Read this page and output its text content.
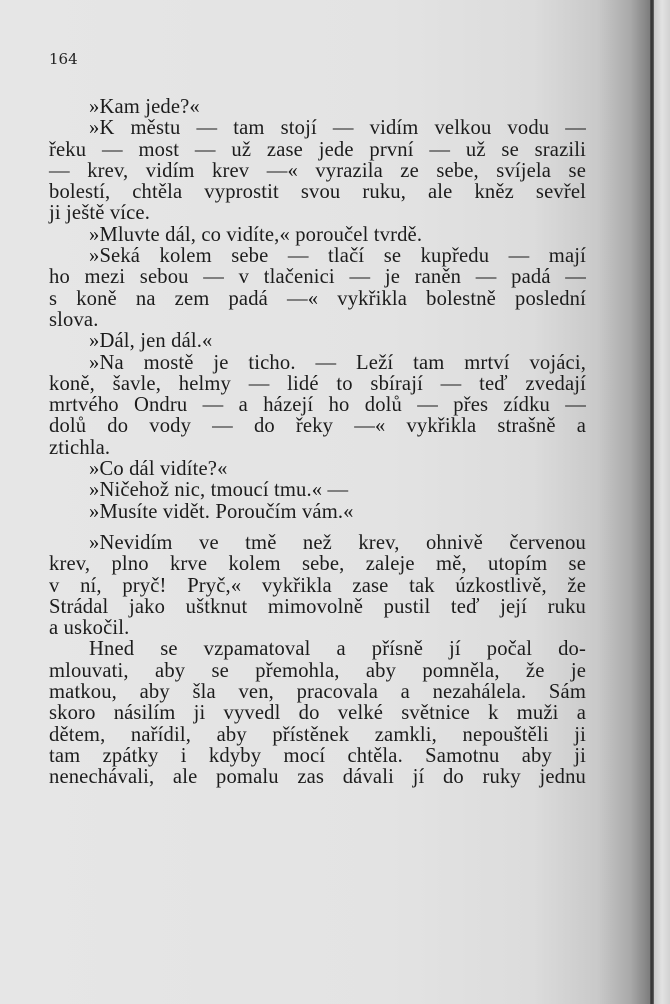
164
»Kam jede?«
»K městu — tam stojí — vidím velkou vodu —
řeku — most — už zase jede první — už se srazili
— krev, vidím krev —« vyrazila ze sebe, svíjela se
bolestí, chtěla vyprostit svou ruku, ale kněz sevřel
ji ještě více.
»Mluvte dál, co vidíte,« poroučel tvrdě.
»Seká kolem sebe — tlačí se kupředu — mají
ho mezi sebou — v tlačenici — je raněn — padá —
s koně na zem padá —« vykřikla bolestně poslední
slova.
»Dál, jen dál.«
»Na mostě je ticho. — Leží tam mrtví vojáci,
koně, šavle, helmy — lidé to sbírají — teď zvedají
mrtvého Ondru — a házejí ho dolů — přes zídku —
dolů do vody — do řeky —« vykřikla strašně a
ztichla.
»Co dál vidíte?«
»Ničehož nic, tmoucí tmu.« —
»Musíte vidět. Poroučím vám.«
»Nevidím ve tmě než krev, ohnivě červenou
krev, plno krve kolem sebe, zaleje mě, utopím se
v ní, pryč! Pryč,« vykřikla zase tak úzkostlivě, že
Strádal jako uštknut mimovolně pustil teď její ruku
a uskočil.
Hned se vzpamatoval a přísně jí počal do-
mlouvati, aby se přemohla, aby pomněla, že je
matkou, aby šla ven, pracovala a nezahálela. Sám
skoro násilím ji vyvedl do velké světnice k muži a
dětem, nařídil, aby přístěnek zamkli, nepouštěli ji
tam zpátky i kdyby mocí chtěla. Samotnu aby ji
nenechávali, ale pomalu zas dávali jí do ruky jednu
